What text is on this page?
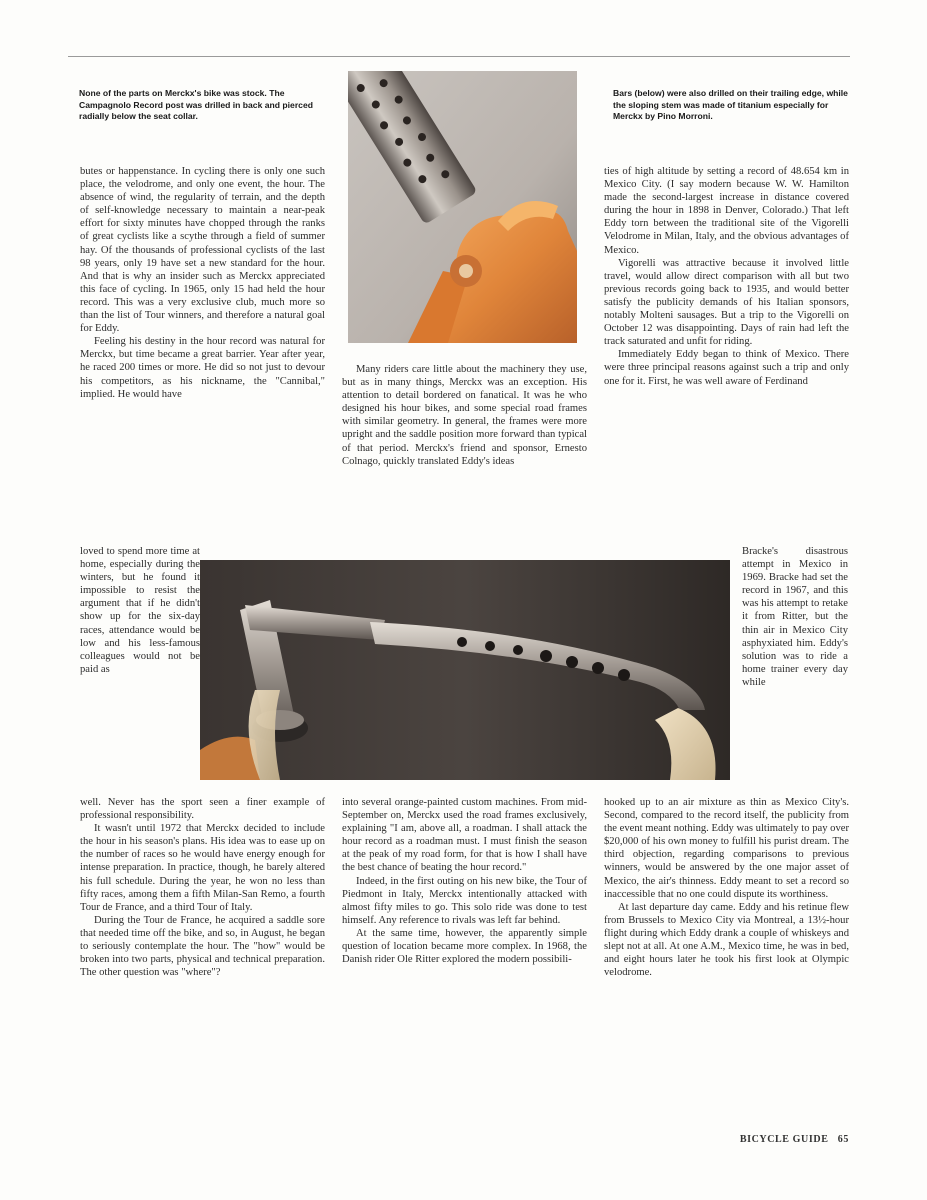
None of the parts on Merckx's bike was stock. The Campagnolo Record post was drilled in back and pierced radially below the seat collar.
Bars (below) were also drilled on their trailing edge, while the sloping stem was made of titanium especially for Merckx by Pino Morroni.

butes or happenstance. In cycling there is only one such place, the velodrome, and only one event, the hour. The absence of wind, the regularity of terrain, and the depth of self-knowledge necessary to maintain a near-peak effort for sixty minutes have chopped through the ranks of great cyclists like a scythe through a field of summer hay. Of the thousands of professional cyclists of the last 98 years, only 19 have set a new standard for the hour. And that is why an insider such as Merckx appreciated this face of cycling. In 1965, only 15 had held the hour record. This was a very exclusive club, much more so than the list of Tour winners, and therefore a natural goal for Eddy.

Feeling his destiny in the hour record was natural for Merckx, but time became a great barrier. Year after year, he raced 200 times or more. He did so not just to devour his competitors, as his nickname, the "Cannibal," implied. He would have

loved to spend more time at home, especially during the winters, but he found it impossible to resist the argument that if he didn't show up for the six-day races, attendance would be low and his less-famous colleagues would not be paid as

well. Never has the sport seen a finer example of professional responsibility.

It wasn't until 1972 that Merckx decided to include the hour in his season's plans. His idea was to ease up on the number of races so he would have energy enough for intense preparation. In practice, though, he barely altered his full schedule. During the year, he won no less than fifty races, among them a fifth Milan-San Remo, a fourth Tour de France, and a third Tour of Italy.

During the Tour de France, he acquired a saddle sore that needed time off the bike, and so, in August, he began to seriously contemplate the hour. The "how" would be broken into two parts, physical and technical preparation. The other question was "where"?

Many riders care little about the machinery they use, but as in many things, Merckx was an exception. His attention to detail bordered on fanatical. It was he who designed his hour bikes, and some special road frames with similar geometry. In general, the frames were more upright and the saddle position more forward than typical of that period. Merckx's friend and sponsor, Ernesto Colnago, quickly translated Eddy's ideas

into several orange-painted custom machines. From mid-September on, Merckx used the road frames exclusively, explaining "I am, above all, a roadman. I shall attack the hour record as a roadman must. I must finish the season at the peak of my road form, for that is how I shall have the best chance of beating the hour record."

Indeed, in the first outing on his new bike, the Tour of Piedmont in Italy, Merckx intentionally attacked with almost fifty miles to go. This solo ride was done to test himself. Any reference to rivals was left far behind.

At the same time, however, the apparently simple question of location became more complex. In 1968, the Danish rider Ole Ritter explored the modern possibili-

ties of high altitude by setting a record of 48.654 km in Mexico City. (I say modern because W. W. Hamilton made the second-largest increase in distance covered during the hour in 1898 in Denver, Colorado.) That left Eddy torn between the traditional site of the Vigorelli Velodrome in Milan, Italy, and the obvious advantages of Mexico.

Vigorelli was attractive because it involved little travel, would allow direct comparison with all but two previous records going back to 1935, and would better satisfy the publicity demands of his Italian sponsors, notably Molteni sausages. But a trip to the Vigorelli on October 12 was disappointing. Days of rain had left the track saturated and unfit for riding.

Immediately Eddy began to think of Mexico. There were three principal reasons against such a trip and only one for it. First, he was well aware of Ferdinand

Bracke's disastrous attempt in Mexico in 1969. Bracke had set the record in 1967, and this was his attempt to retake it from Ritter, but the thin air in Mexico City asphyxiated him. Eddy's solution was to ride a home trainer every day while

hooked up to an air mixture as thin as Mexico City's. Second, compared to the record itself, the publicity from the event meant nothing. Eddy was ultimately to pay over $20,000 of his own money to fulfill his purist dream. The third objection, regarding comparisons to previous winners, would be answered by the one major asset of Mexico, the air's thinness. Eddy meant to set a record so inaccessible that no one could dispute its worthiness.

At last departure day came. Eddy and his retinue flew from Brussels to Mexico City via Montreal, a 13½-hour flight during which Eddy drank a couple of whiskeys and slept not at all. At one A.M., Mexico time, he was in bed, and eight hours later he took his first look at Olympic velodrome.

BICYCLE GUIDE 65
